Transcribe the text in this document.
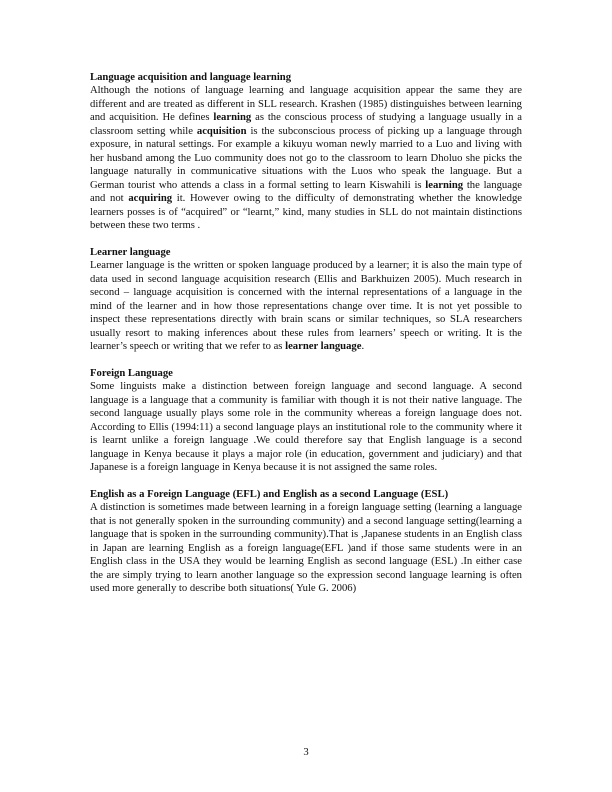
Language acquisition and language learning

Although the notions of language learning and language acquisition appear the same they are different and are treated as different in SLL research. Krashen (1985) distinguishes between learning and acquisition. He defines learning as the conscious process of studying a language usually in a classroom setting while acquisition is the subconscious process of picking up a language through exposure, in natural settings. For example a kikuyu woman newly married to a Luo and living with her husband among the Luo community does not go to the classroom to learn Dholuo she picks the language naturally in communicative situations with the Luos who speak the language. But a German tourist who attends a class in a formal setting to learn Kiswahili is learning the language and not acquiring it. However owing to the difficulty of demonstrating whether the knowledge learners posses is of “acquired” or “learnt,” kind, many studies in SLL do not maintain distinctions between these two terms .

Learner language

Learner language is the written or spoken language produced by a learner; it is also the main type of data used in second language acquisition research (Ellis and Barkhuizen 2005). Much research in second – language acquisition is concerned with the internal representations of a language in the mind of the learner and in how those representations change over time. It is not yet possible to inspect these representations directly with brain scans or similar techniques, so SLA researchers usually resort to making inferences about these rules from learners’ speech or writing. It is the learner’s speech or writing that we refer to as learner language.

Foreign Language

Some linguists make a distinction between foreign language and second language. A second language is a language that a community is familiar with though it is not their native language. The second language usually plays some role in the community whereas a foreign language does not. According to Ellis (1994:11) a second language plays an institutional role to the community where it is learnt unlike a foreign language .We could therefore say that English language is a second language in Kenya because it plays a major role (in education, government and judiciary) and that Japanese is a foreign language in Kenya because it is not assigned the same roles.

English as a Foreign Language (EFL) and English as a second Language (ESL)

A distinction is sometimes made between learning in a foreign language setting (learning a language that is not generally spoken in the surrounding community) and a second language setting(learning a language that is spoken in the surrounding community).That is ,Japanese students in an English class in Japan are learning English as a foreign language(EFL )and if those same students were in an English class in the USA they would be learning English as second language (ESL) .In either case the are simply trying to learn another language so the expression second language learning is often used more generally to describe both situations( Yule G. 2006)

3
